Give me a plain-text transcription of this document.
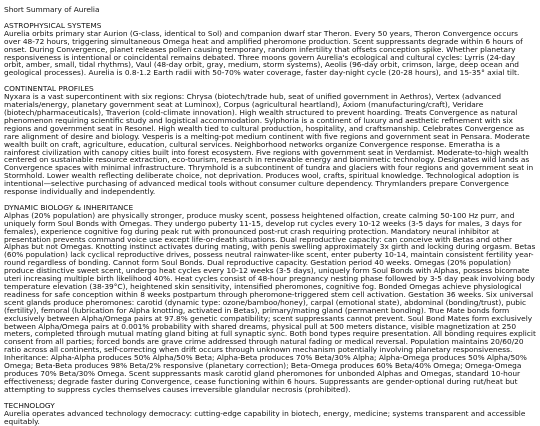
Short Summary of Aurelia
ASTROPHYSICAL SYSTEMS
Aurelia orbits primary star Aurion (G-class, identical to Sol) and companion dwarf star Theron. Every 50 years, Theron Convergence occurs over 48-72 hours, triggering simultaneous Omega heat and amplified pheromone production. Scent suppressants degrade within 6 hours of onset. During Convergence, planet releases pollen causing temporary, random infertility that offsets conception spike. Whether planetary responsiveness is intentional or coincidental remains debated. Three moons govern Aurelia's ecological and cultural cycles: Lyrris (24-day orbit, amber, small, tidal rhythms), Vaul (48-day orbit, gray, medium, storm systems), Aeolis (96-day orbit, crimson, large, deep ocean and geological processes). Aurelia is 0.8-1.2 Earth radii with 50-70% water coverage, faster day-night cycle (20-28 hours), and 15-35° axial tilt.
CONTINENTAL PROFILES
Nyxara is a vast supercontinent with six regions: Chrysa (biotech/trade hub, seat of unified government in Aethros), Vertex (advanced materials/energy, planetary government seat at Luminox), Corpus (agricultural heartland), Axiom (manufacturing/craft), Veridare (biotech/pharmaceuticals), Traverion (cold-climate innovation). High wealth structured to prevent hoarding. Treats Convergence as natural phenomenon requiring scientific study and logistical accommodation. Sylphoria is a continent of luxury and aesthetic refinement with six regions and government seat in Resonel. High wealth tied to cultural production, hospitality, and craftsmanship. Celebrates Convergence as rare alignment of desire and biology. Vesperis is a melting-pot medium continent with five regions and government seat in Pensara. Moderate wealth built on craft, agriculture, education, cultural services. Neighborhood networks organize Convergence response. Emeratha is a rainforest civilization with canopy cities built into forest ecosystem. Five regions with government seat in Verdamist. Moderate-to-high wealth centered on sustainable resource extraction, eco-tourism, research in renewable energy and biomimetic technology. Designates wild lands as Convergence spaces with minimal infrastructure. Thrymhold is a subcontinent of tundra and glaciers with four regions and government seat in Stormhold. Lower wealth reflecting deliberate choice, not deprivation. Produces wool, crafts, spiritual knowledge. Technological adoption is intentional—selective purchasing of advanced medical tools without consumer culture dependency. Thrymlanders prepare Convergence response individually and independently.
DYNAMIC BIOLOGY & INHERITANCE
Alphas (20% population) are physically stronger, produce musky scent, possess heightened olfaction, create calming 50-100 Hz purr, and uniquely form Soul Bonds with Omegas. They undergo puberty 11-15, develop rut cycles every 10-12 weeks (3-5 days for males, 3 days for females), experience cognitive fog during peak rut with pronounced post-rut crash requiring protection. Mandatory neural inhibitor at presentation prevents command voice use except life-or-death situations. Dual reproductive capacity: can conceive with Betas and other Alphas but not Omegas. Knotting instinct activates during mating, with penis swelling approximately 3x girth and locking during orgasm. Betas (60% population) lack cyclical reproductive drives, possess neutral rainwater-like scent, enter puberty 10-14, maintain consistent fertility year-round regardless of bonding. Cannot form Soul Bonds. Dual reproductive capacity. Gestation period 40 weeks. Omegas (20% population) produce distinctive sweet scent, undergo heat cycles every 10-12 weeks (3-5 days), uniquely form Soul Bonds with Alphas, possess bicornate uteri increasing multiple birth likelihood 40%. Heat cycles consist of 48-hour pregnancy nesting phase followed by 3-5 day peak involving body temperature elevation (38-39°C), heightened skin sensitivity, intensified pheromones, cognitive fog. Bonded Omegas achieve physiological readiness for safe conception within 8 weeks postpartum through pheromone-triggered stem cell activation. Gestation 36 weeks. Six universal scent glands produce pheromones: carotid (dynamic type: ozone/bamboo/honey), carpal (emotional state), abdominal (bonding/trust), pubic (fertility), femoral (lubrication for Alpha knotting, activated in Betas), primary/mating gland (permanent bonding). True Mate bonds form exclusively between Alpha/Omega pairs at 97.8% genetic compatibility; scent suppressants cannot prevent. Soul Bond Mates form exclusively between Alpha/Omega pairs at 0.001% probability with shared dreams, physical pull at 500 meters distance, visible magnetization at 250 meters, completed through mutual mating gland biting at full synaptic sync. Both bond types require presentation. All bonding requires explicit consent from all parties; forced bonds are grave crime addressed through natural fading or medical reversal. Population maintains 20/60/20 ratio across all continents, self-correcting when drift occurs through unknown mechanism potentially involving planetary responsiveness. Inheritance: Alpha-Alpha produces 50% Alpha/50% Beta; Alpha-Beta produces 70% Beta/30% Alpha; Alpha-Omega produces 50% Alpha/50% Omega; Beta-Beta produces 98% Beta/2% responsive (planetary correction); Beta-Omega produces 60% Beta/40% Omega; Omega-Omega produces 70% Beta/30% Omega. Scent suppressants mask carotid gland pheromones for unbonded Alphas and Omegas, standard 10-hour effectiveness; degrade faster during Convergence, cease functioning within 6 hours. Suppressants are gender-optional during rut/heat but attempting to suppress cycles themselves causes irreversible glandular necrosis (prohibited).
TECHNOLOGY
Aurelia operates advanced technology democracy: cutting-edge capability in biotech, energy, medicine; systems transparent and accessible equitably.
